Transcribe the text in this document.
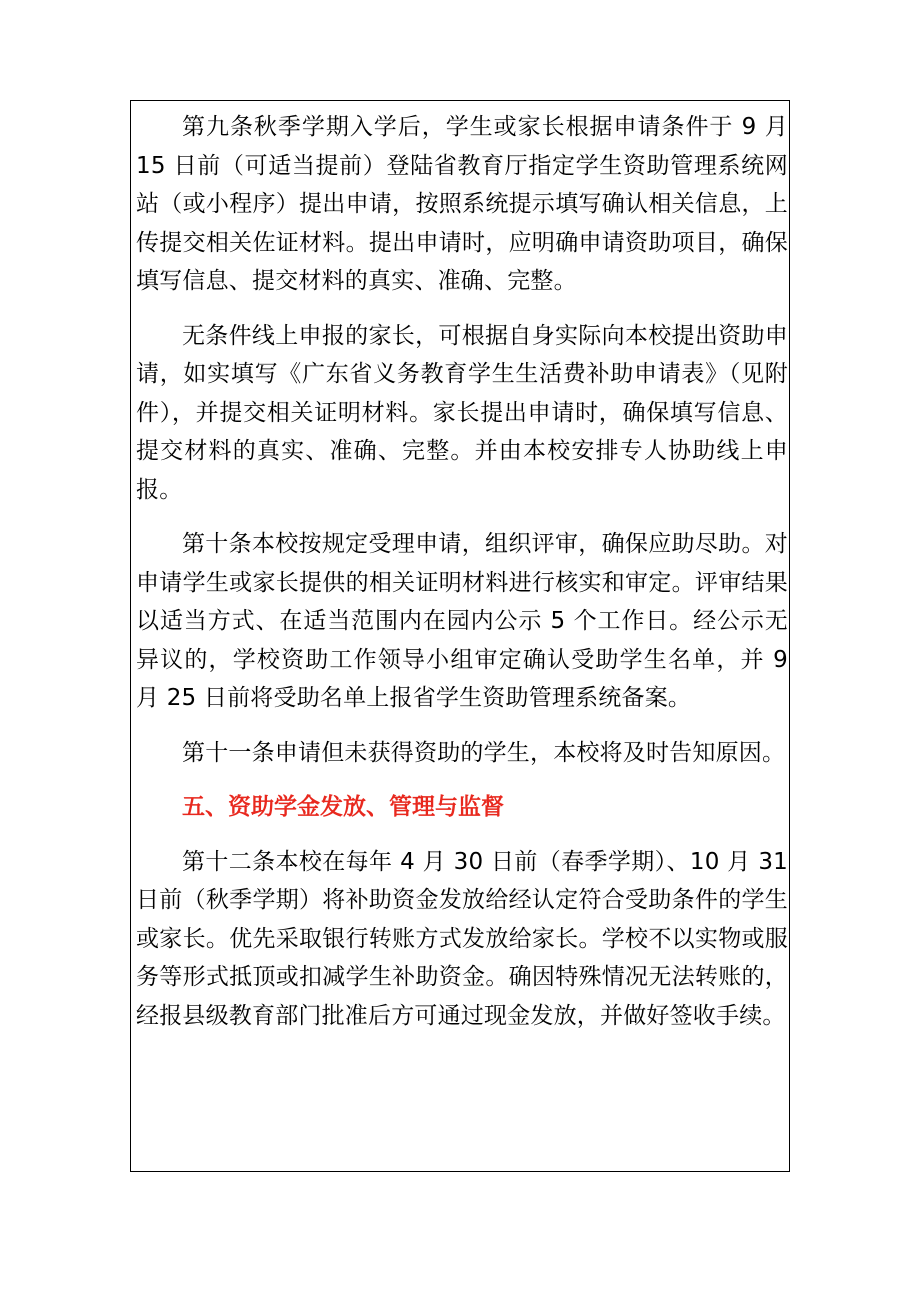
第九条秋季学期入学后，学生或家长根据申请条件于 9 月 15 日前（可适当提前）登陆省教育厅指定学生资助管理系统网站（或小程序）提出申请，按照系统提示填写确认相关信息，上传提交相关佐证材料。提出申请时，应明确申请资助项目，确保填写信息、提交材料的真实、准确、完整。

无条件线上申报的家长，可根据自身实际向本校提出资助申请，如实填写《广东省义务教育学生生活费补助申请表》（见附件），并提交相关证明材料。家长提出申请时，确保填写信息、提交材料的真实、准确、完整。并由本校安排专人协助线上申报。

第十条本校按规定受理申请，组织评审，确保应助尽助。对申请学生或家长提供的相关证明材料进行核实和审定。评审结果以适当方式、在适当范围内在园内公示 5 个工作日。经公示无异议的，学校资助工作领导小组审定确认受助学生名单，并 9 月 25 日前将受助名单上报省学生资助管理系统备案。

第十一条申请但未获得资助的学生，本校将及时告知原因。

五、资助学金发放、管理与监督

第十二条本校在每年 4 月 30 日前（春季学期）、10 月 31 日前（秋季学期）将补助资金发放给经认定符合受助条件的学生或家长。优先采取银行转账方式发放给家长。学校不以实物或服务等形式抵顶或扣减学生补助资金。确因特殊情况无法转账的，经报县级教育部门批准后方可通过现金发放，并做好签收手续。
